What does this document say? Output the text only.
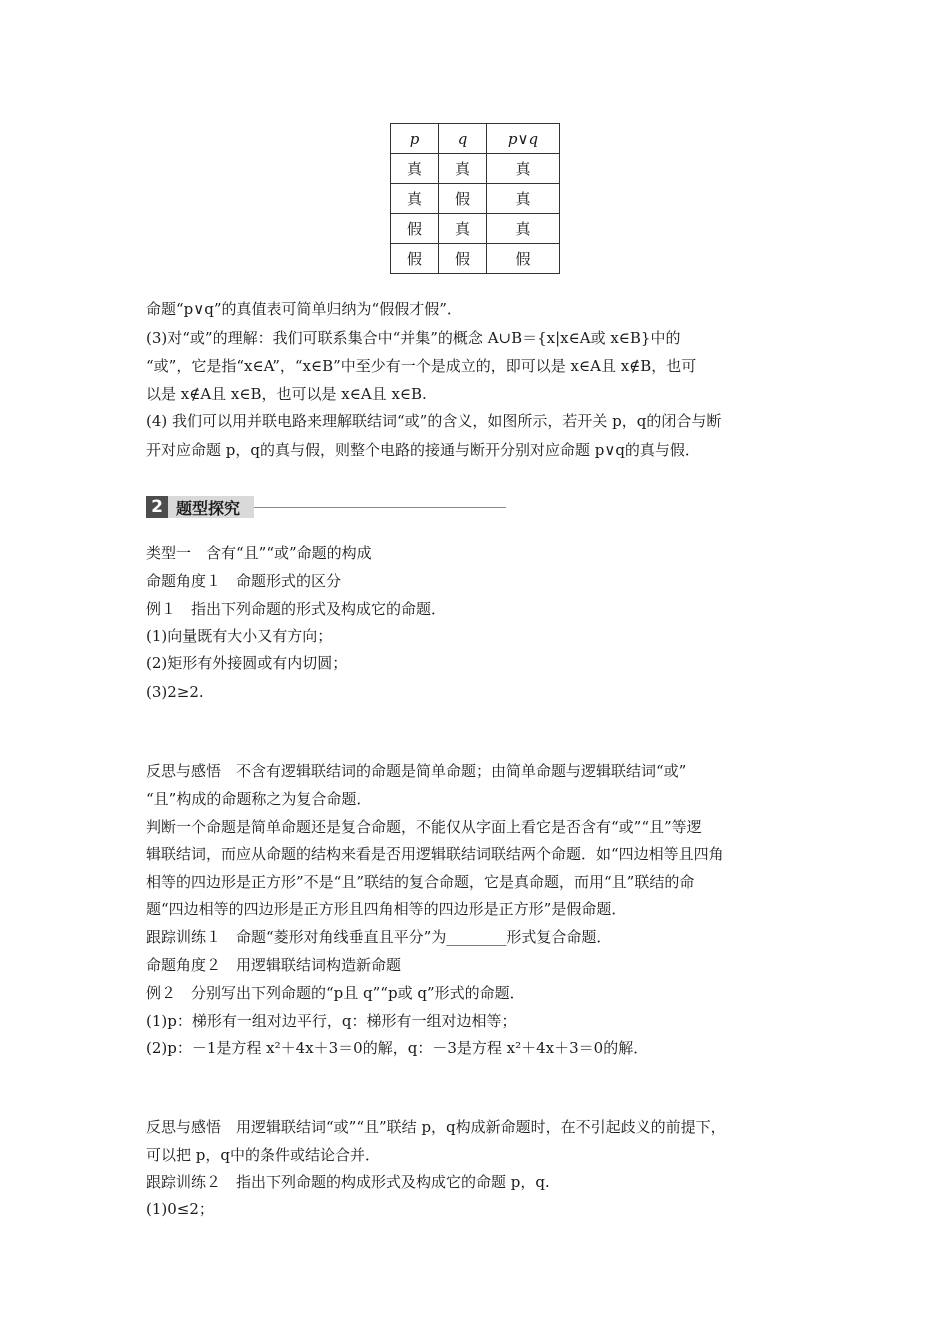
p	q	p∨q
真	真	真
真	假	真
假	真	真
假	假	假
命题“p∨q”的真值表可简单归纳为“假假才假”．
(3)对“或”的理解：我们可联系集合中“并集”的概念 A∪B＝{x|x∈A或 x∈B}中的
“或”，它是指“x∈A”，“x∈B”中至少有一个是成立的，即可以是 x∈A且 x∉B，也可
以是 x∉A且 x∈B，也可以是 x∈A且 x∈B.
(4) 我们可以用并联电路来理解联结词“或”的含义，如图所示，若开关 p，q的闭合与断
开对应命题 p，q的真与假，则整个电路的接通与断开分别对应命题 p∨q的真与假．
2 题型探究
类型一　含有“且”“或”命题的构成
命题角度１　命题形式的区分
例１　指出下列命题的形式及构成它的命题．
(1)向量既有大小又有方向；
(2)矩形有外接圆或有内切圆；
(3)2≥2.
反思与感悟　不含有逻辑联结词的命题是简单命题；由简单命题与逻辑联结词“或”
“且”构成的命题称之为复合命题．
判断一个命题是简单命题还是复合命题，不能仅从字面上看它是否含有“或”“且”等逻
辑联结词，而应从命题的结构来看是否用逻辑联结词联结两个命题．如“四边相等且四角
相等的四边形是正方形”不是“且”联结的复合命题，它是真命题，而用“且”联结的命
题“四边相等的四边形是正方形且四角相等的四边形是正方形”是假命题．
跟踪训练１　命题“菱形对角线垂直且平分”为________形式复合命题．
命题角度２　用逻辑联结词构造新命题
例２　分别写出下列命题的“p且 q”“p或 q”形式的命题．
(1)p：梯形有一组对边平行，q：梯形有一组对边相等；
(2)p：－1是方程 x²＋4x＋3＝0的解，q：－3是方程 x²＋4x＋3＝0的解．
反思与感悟　用逻辑联结词“或”“且”联结 p，q构成新命题时，在不引起歧义的前提下，
可以把 p，q中的条件或结论合并．
跟踪训练２　指出下列命题的构成形式及构成它的命题 p，q.
(1)0≤2；
